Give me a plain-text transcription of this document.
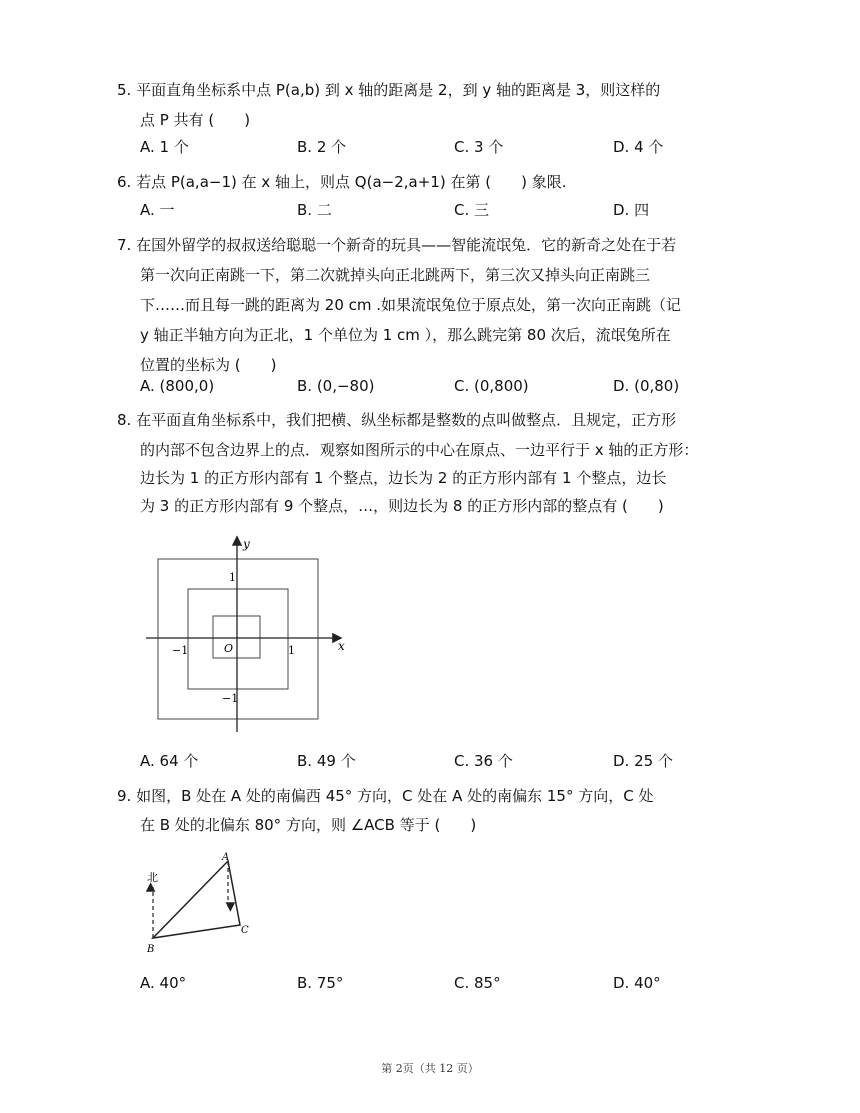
5. 平面直角坐标系中点 P(a,b) 到 x 轴的距离是 2，到 y 轴的距离是 3，则这样的
点 P 共有 (　　)
A. 1 个	B. 2 个	C. 3 个	D. 4 个
6. 若点 P(a,a−1) 在 x 轴上，则点 Q(a−2,a+1) 在第 (　　) 象限.
A. 一	B. 二	C. 三	D. 四
7. 在国外留学的叔叔送给聪聪一个新奇的玩具——智能流氓兔．它的新奇之处在于若
第一次向正南跳一下，第二次就掉头向正北跳两下，第三次又掉头向正南跳三
下……而且每一跳的距离为 20 cm .如果流氓兔位于原点处，第一次向正南跳（记
y 轴正半轴方向为正北，1 个单位为 1 cm ），那么跳完第 80 次后，流氓兔所在
位置的坐标为 (　　)
A. (800,0)	B. (0,−80)	C. (0,800)	D. (0,80)
8. 在平面直角坐标系中，我们把横、纵坐标都是整数的点叫做整点．且规定，正方形
的内部不包含边界上的点．观察如图所示的中心在原点、一边平行于 x 轴的正方形：
边长为 1 的正方形内部有 1 个整点，边长为 2 的正方形内部有 1 个整点，边长
为 3 的正方形内部有 9 个整点，…，则边长为 8 的正方形内部的整点有 (　　)
y
x
O
1
−1	1
−1
A. 64 个	B. 49 个	C. 36 个	D. 25 个
9. 如图，B 处在 A 处的南偏西 45° 方向，C 处在 A 处的南偏东 15° 方向，C 处
在 B 处的北偏东 80° 方向，则 ∠ACB 等于 (　　)
北
A
B
C
A. 40°	B. 75°	C. 85°	D. 40°
第 2页（共 12 页）
